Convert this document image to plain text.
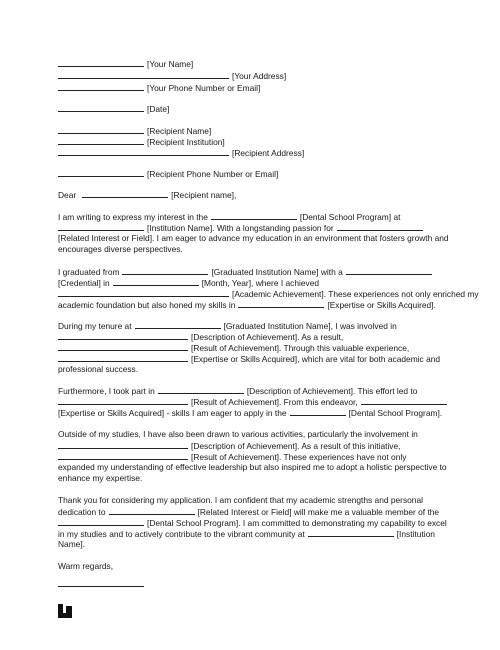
[Your Name]
[Your Address]
[Your Phone Number or Email]
[Date]
[Recipient Name]
[Recipient Institution]
[Recipient Address]
[Recipient Phone Number or Email]
Dear	[Recipient name],
I am writing to express my interest in the	[Dental School Program] at
[Institution Name]. With a longstanding passion for
[Related Interest or Field]. I am eager to advance my education in an environment that fosters growth and
encourages diverse perspectives.
I graduated from	[Graduated Institution Name] with a
[Credential] in	[Month, Year], where I achieved
[Academic Achievement]. These experiences not only enriched my
academic foundation but also honed my skills in	[Expertise or Skills Acquired].
During my tenure at	[Graduated Institution Name], I was involved in
[Description of Achievement]. As a result,
[Result of Achievement]. Through this valuable experience,
[Expertise or Skills Acquired], which are vital for both academic and
professional success.
Furthermore, I took part in	[Description of Achievement]. This effort led to
[Result of Achievement]. From this endeavor,
[Expertise or Skills Acquired] - skills I am eager to apply in the	[Dental School Program].
Outside of my studies, I have also been drawn to various activities, particularly the involvement in
[Description of Achievement]. As a result of this initiative,
[Result of Achievement]. These experiences have not only
expanded my understanding of effective leadership but also inspired me to adopt a holistic perspective to
enhance my expertise.
Thank you for considering my application. I am confident that my academic strengths and personal
dedication to	[Related Interest or Field] will make me a valuable member of the
[Dental School Program]. I am committed to demonstrating my capability to excel
in my studies and to actively contribute to the vibrant community at	[Institution
Name].
Warm regards,
